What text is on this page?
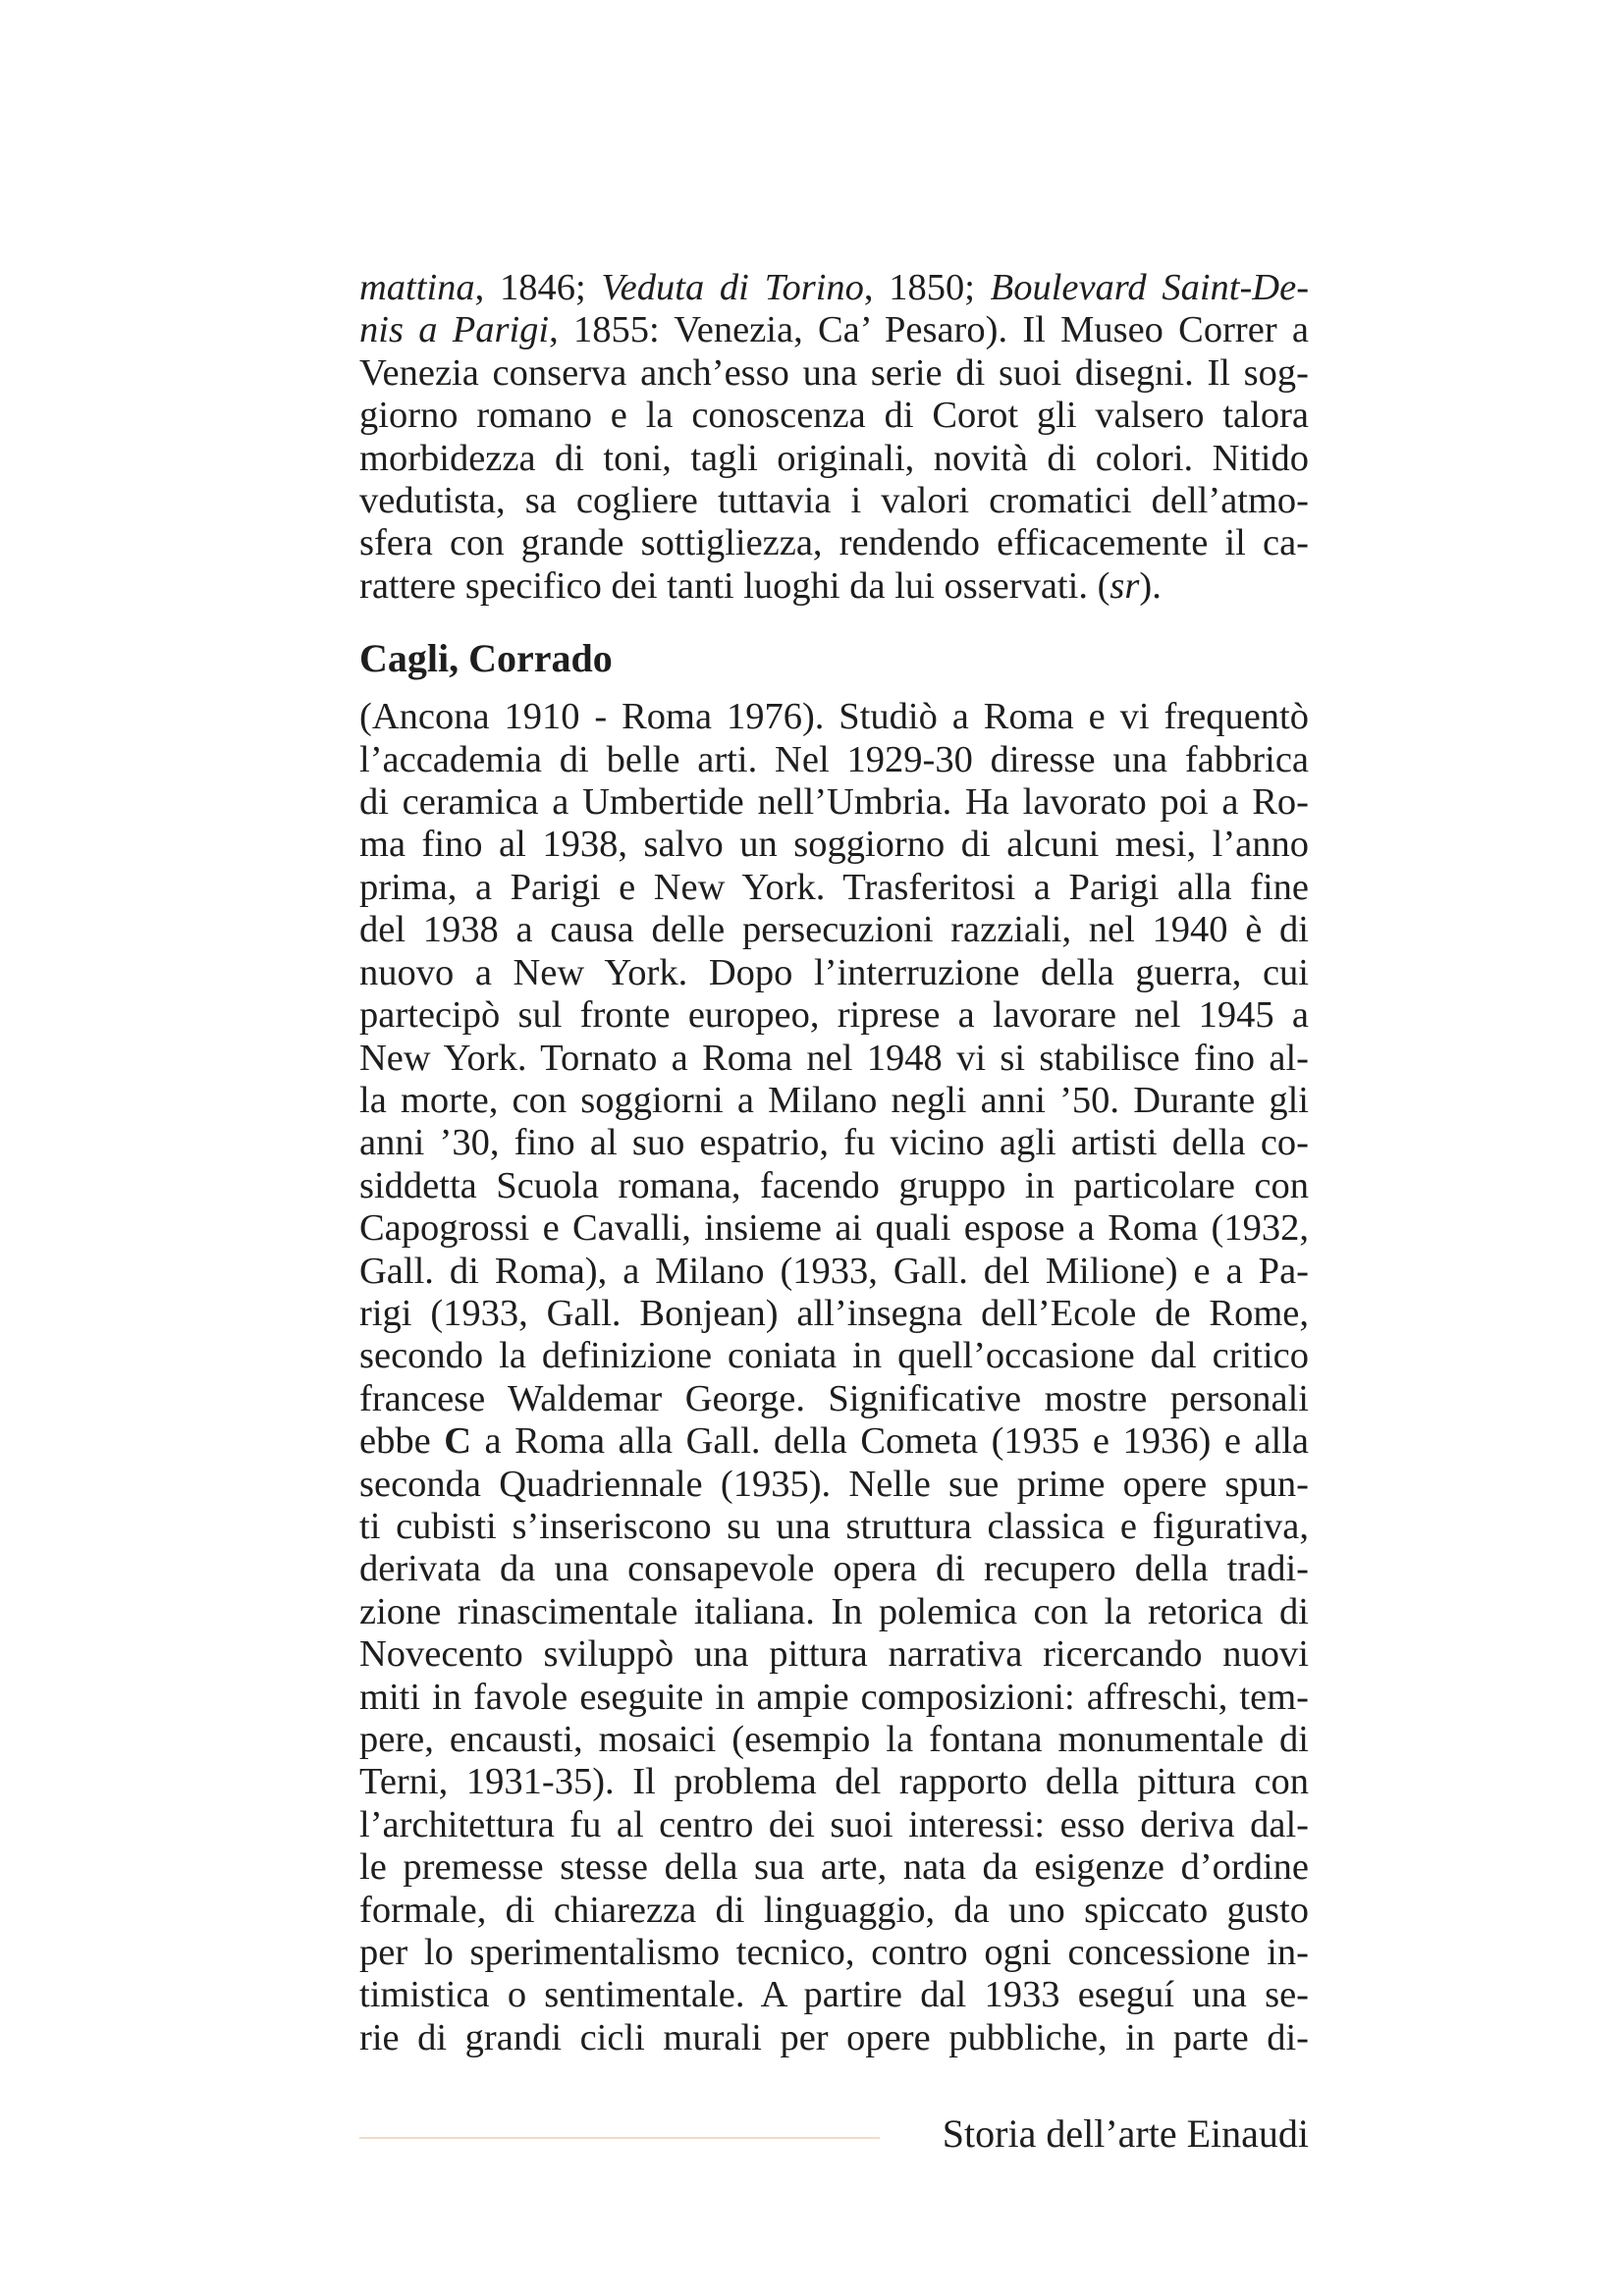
mattina, 1846; Veduta di Torino, 1850; Boulevard Saint-De-
nis a Parigi, 1855: Venezia, Ca’ Pesaro). Il Museo Correr a
Venezia conserva anch’esso una serie di suoi disegni. Il sog-
giorno romano e la conoscenza di Corot gli valsero talora
morbidezza di toni, tagli originali, novità di colori. Nitido
vedutista, sa cogliere tuttavia i valori cromatici dell’atmo-
sfera con grande sottigliezza, rendendo efficacemente il ca-
rattere specifico dei tanti luoghi da lui osservati. (sr).

Cagli, Corrado

(Ancona 1910 - Roma 1976). Studiò a Roma e vi frequentò
l’accademia di belle arti. Nel 1929-30 diresse una fabbrica
di ceramica a Umbertide nell’Umbria. Ha lavorato poi a Ro-
ma fino al 1938, salvo un soggiorno di alcuni mesi, l’anno
prima, a Parigi e New York. Trasferitosi a Parigi alla fine
del 1938 a causa delle persecuzioni razziali, nel 1940 è di
nuovo a New York. Dopo l’interruzione della guerra, cui
partecipò sul fronte europeo, riprese a lavorare nel 1945 a
New York. Tornato a Roma nel 1948 vi si stabilisce fino al-
la morte, con soggiorni a Milano negli anni ’50. Durante gli
anni ’30, fino al suo espatrio, fu vicino agli artisti della co-
siddetta Scuola romana, facendo gruppo in particolare con
Capogrossi e Cavalli, insieme ai quali espose a Roma (1932,
Gall. di Roma), a Milano (1933, Gall. del Milione) e a Pa-
rigi (1933, Gall. Bonjean) all’insegna dell’Ecole de Rome,
secondo la definizione coniata in quell’occasione dal critico
francese Waldemar George. Significative mostre personali
ebbe C a Roma alla Gall. della Cometa (1935 e 1936) e alla
seconda Quadriennale (1935). Nelle sue prime opere spun-
ti cubisti s’inseriscono su una struttura classica e figurativa,
derivata da una consapevole opera di recupero della tradi-
zione rinascimentale italiana. In polemica con la retorica di
Novecento sviluppò una pittura narrativa ricercando nuovi
miti in favole eseguite in ampie composizioni: affreschi, tem-
pere, encausti, mosaici (esempio la fontana monumentale di
Terni, 1931-35). Il problema del rapporto della pittura con
l’architettura fu al centro dei suoi interessi: esso deriva dal-
le premesse stesse della sua arte, nata da esigenze d’ordine
formale, di chiarezza di linguaggio, da uno spiccato gusto
per lo sperimentalismo tecnico, contro ogni concessione in-
timistica o sentimentale. A partire dal 1933 eseguí una se-
rie di grandi cicli murali per opere pubbliche, in parte di-

Storia dell’arte Einaudi
